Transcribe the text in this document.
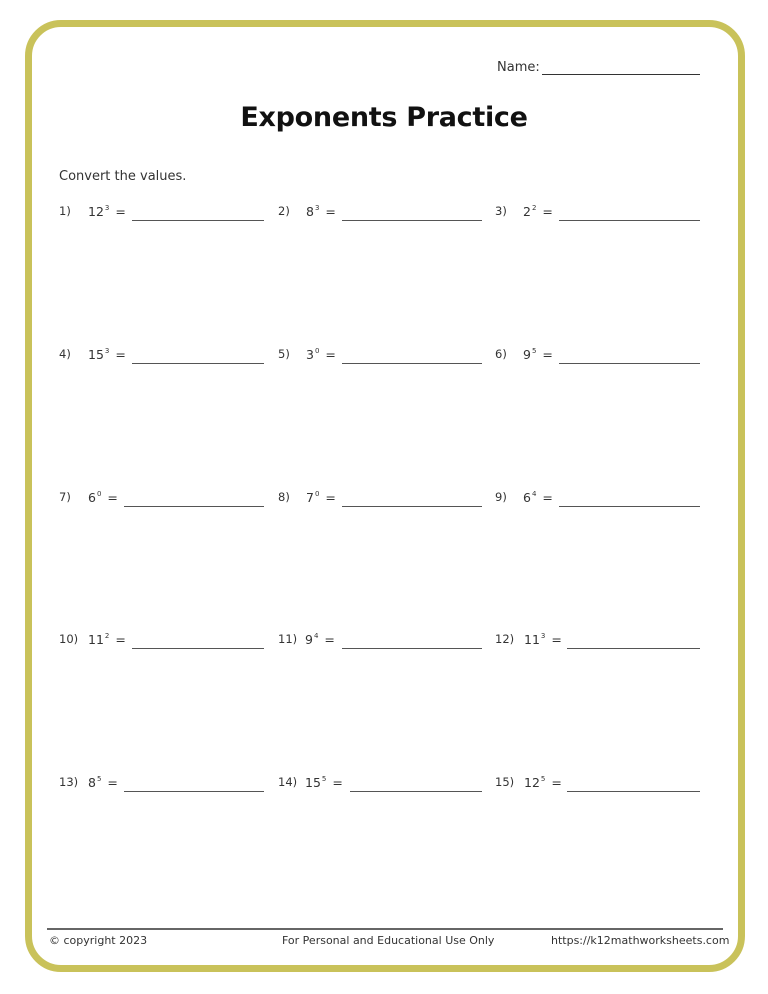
Name:
Exponents Practice
Convert the values.
1) $12^3$ =	2) $8^3$ =	3) $2^2$ =
4) $15^3$ =	5) $3^0$ =	6) $9^5$ =
7) $6^0$ =	8) $7^0$ =	9) $6^4$ =
10) $11^2$ =	11) $9^4$ =	12) $11^3$ =
13) $8^5$ =	14) $15^5$ =	15) $12^5$ =
© copyright 2023	For Personal and Educational Use Only	https://k12mathworksheets.com
